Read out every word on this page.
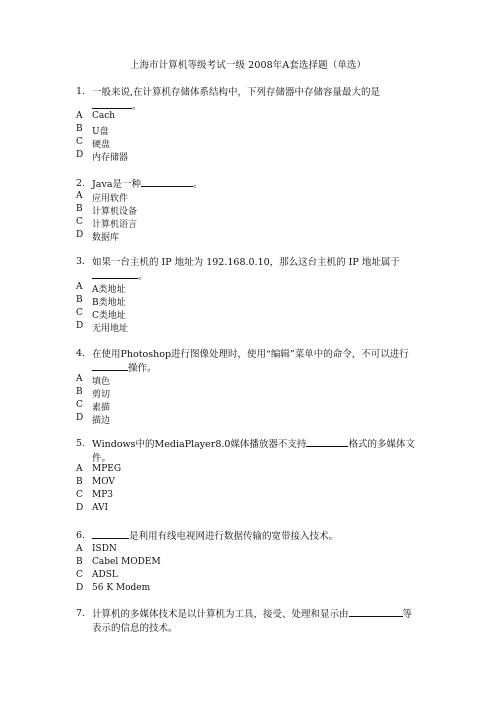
上海市计算机等级考试一级 2008年A套选择题（单选）
1. 一般来说,在计算机存储体系结构中，下列存储器中存储容量最大的是
。
A	Cach
B	U盘
C	硬盘
D 内存储器
2. Java是一种	。
A	应用软件
B	计算机设备
C	计算机语言
D 数据库
3. 如果一台主机的 IP 地址为 192.168.0.10，那么这台主机的 IP 地址属于
。
A	A类地址
B	B类地址
C	C类地址
D 无用地址
4. 在使用Photoshop进行图像处理时，使用“编辑”菜单中的命令，不可以进行
操作。
A	填色
B	剪切
C	素描
D 描边
5. Windows中的MediaPlayer8.0媒体播放器不支持	格式的多媒体文
件。
A	MPEG
B	MOV
C	MP3
D AVI
6.	是利用有线电视网进行数据传输的宽带接入技术。
A	ISDN
B	Cabel MODEM
C	ADSL
D 56 K Modem
7. 计算机的多媒体技术是以计算机为工具，接受、处理和显示由	等
表示的信息的技术。
